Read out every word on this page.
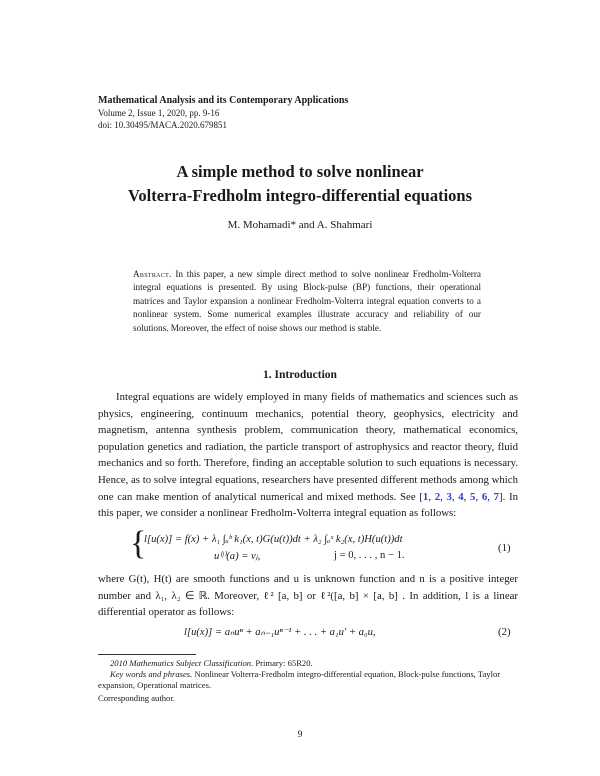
Mathematical Analysis and its Contemporary Applications
Volume 2, Issue 1, 2020, pp. 9-16
doi: 10.30495/MACA.2020.679851
A simple method to solve nonlinear
Volterra-Fredholm integro-differential equations
M. Mohamadi* and A. Shahmari
Abstract. In this paper, a new simple direct method to solve nonlinear Fredholm-Volterra integral equations is presented. By using Block-pulse (BP) functions, their operational matrices and Taylor expansion a nonlinear Fredholm-Volterra integral equation converts to a nonlinear system. Some numerical examples illustrate accuracy and reliability of our solutions. Moreover, the effect of noise shows our method is stable.
1. Introduction
Integral equations are widely employed in many fields of mathematics and sciences such as physics, engineering, continuum mechanics, potential theory, geophysics, electricity and magnetism, antenna synthesis problem, communication theory, mathematical economics, population genetics and radiation, the particle transport of astrophysics and reactor theory, fluid mechanics and so forth. Therefore, finding an acceptable solution to such equations is necessary. Hence, as to solve integral equations, researchers have presented different methods among which one can make mention of analytical numerical and mixed methods. See [1, 2, 3, 4, 5, 6, 7]. In this paper, we consider a nonlinear Fredholm-Volterra integral equation as follows:
{
l[u(x)] = f(x) + λ₁ ∫ₐᵇ k₁(x, t)G(u(t))dt + λ₂ ∫ₐˣ k₂(x, t)H(u(t))dt
u⁽ʲ⁾(a) = vⱼ,	j = 0, . . . , n − 1.
(1)
where G(t), H(t) are smooth functions and u is unknown function and n is a positive integer number and λ₁, λ₂ ∈ ℝ. Moreover, ℓ² [a, b] or ℓ²([a, b] × [a, b] . In addition, l is a linear differential operator as follows:
l[u(x)] = aₙuⁿ + aₙ₋₁uⁿ⁻¹ + . . . + a₁u′ + a₀u,	(2)
2010 Mathematics Subject Classification. Primary: 65R20.
Key words and phrases. Nonlinear Volterra-Fredholm integro-differential equation, Block-pulse functions, Taylor expansion, Operational matrices.
Corresponding author.
9
